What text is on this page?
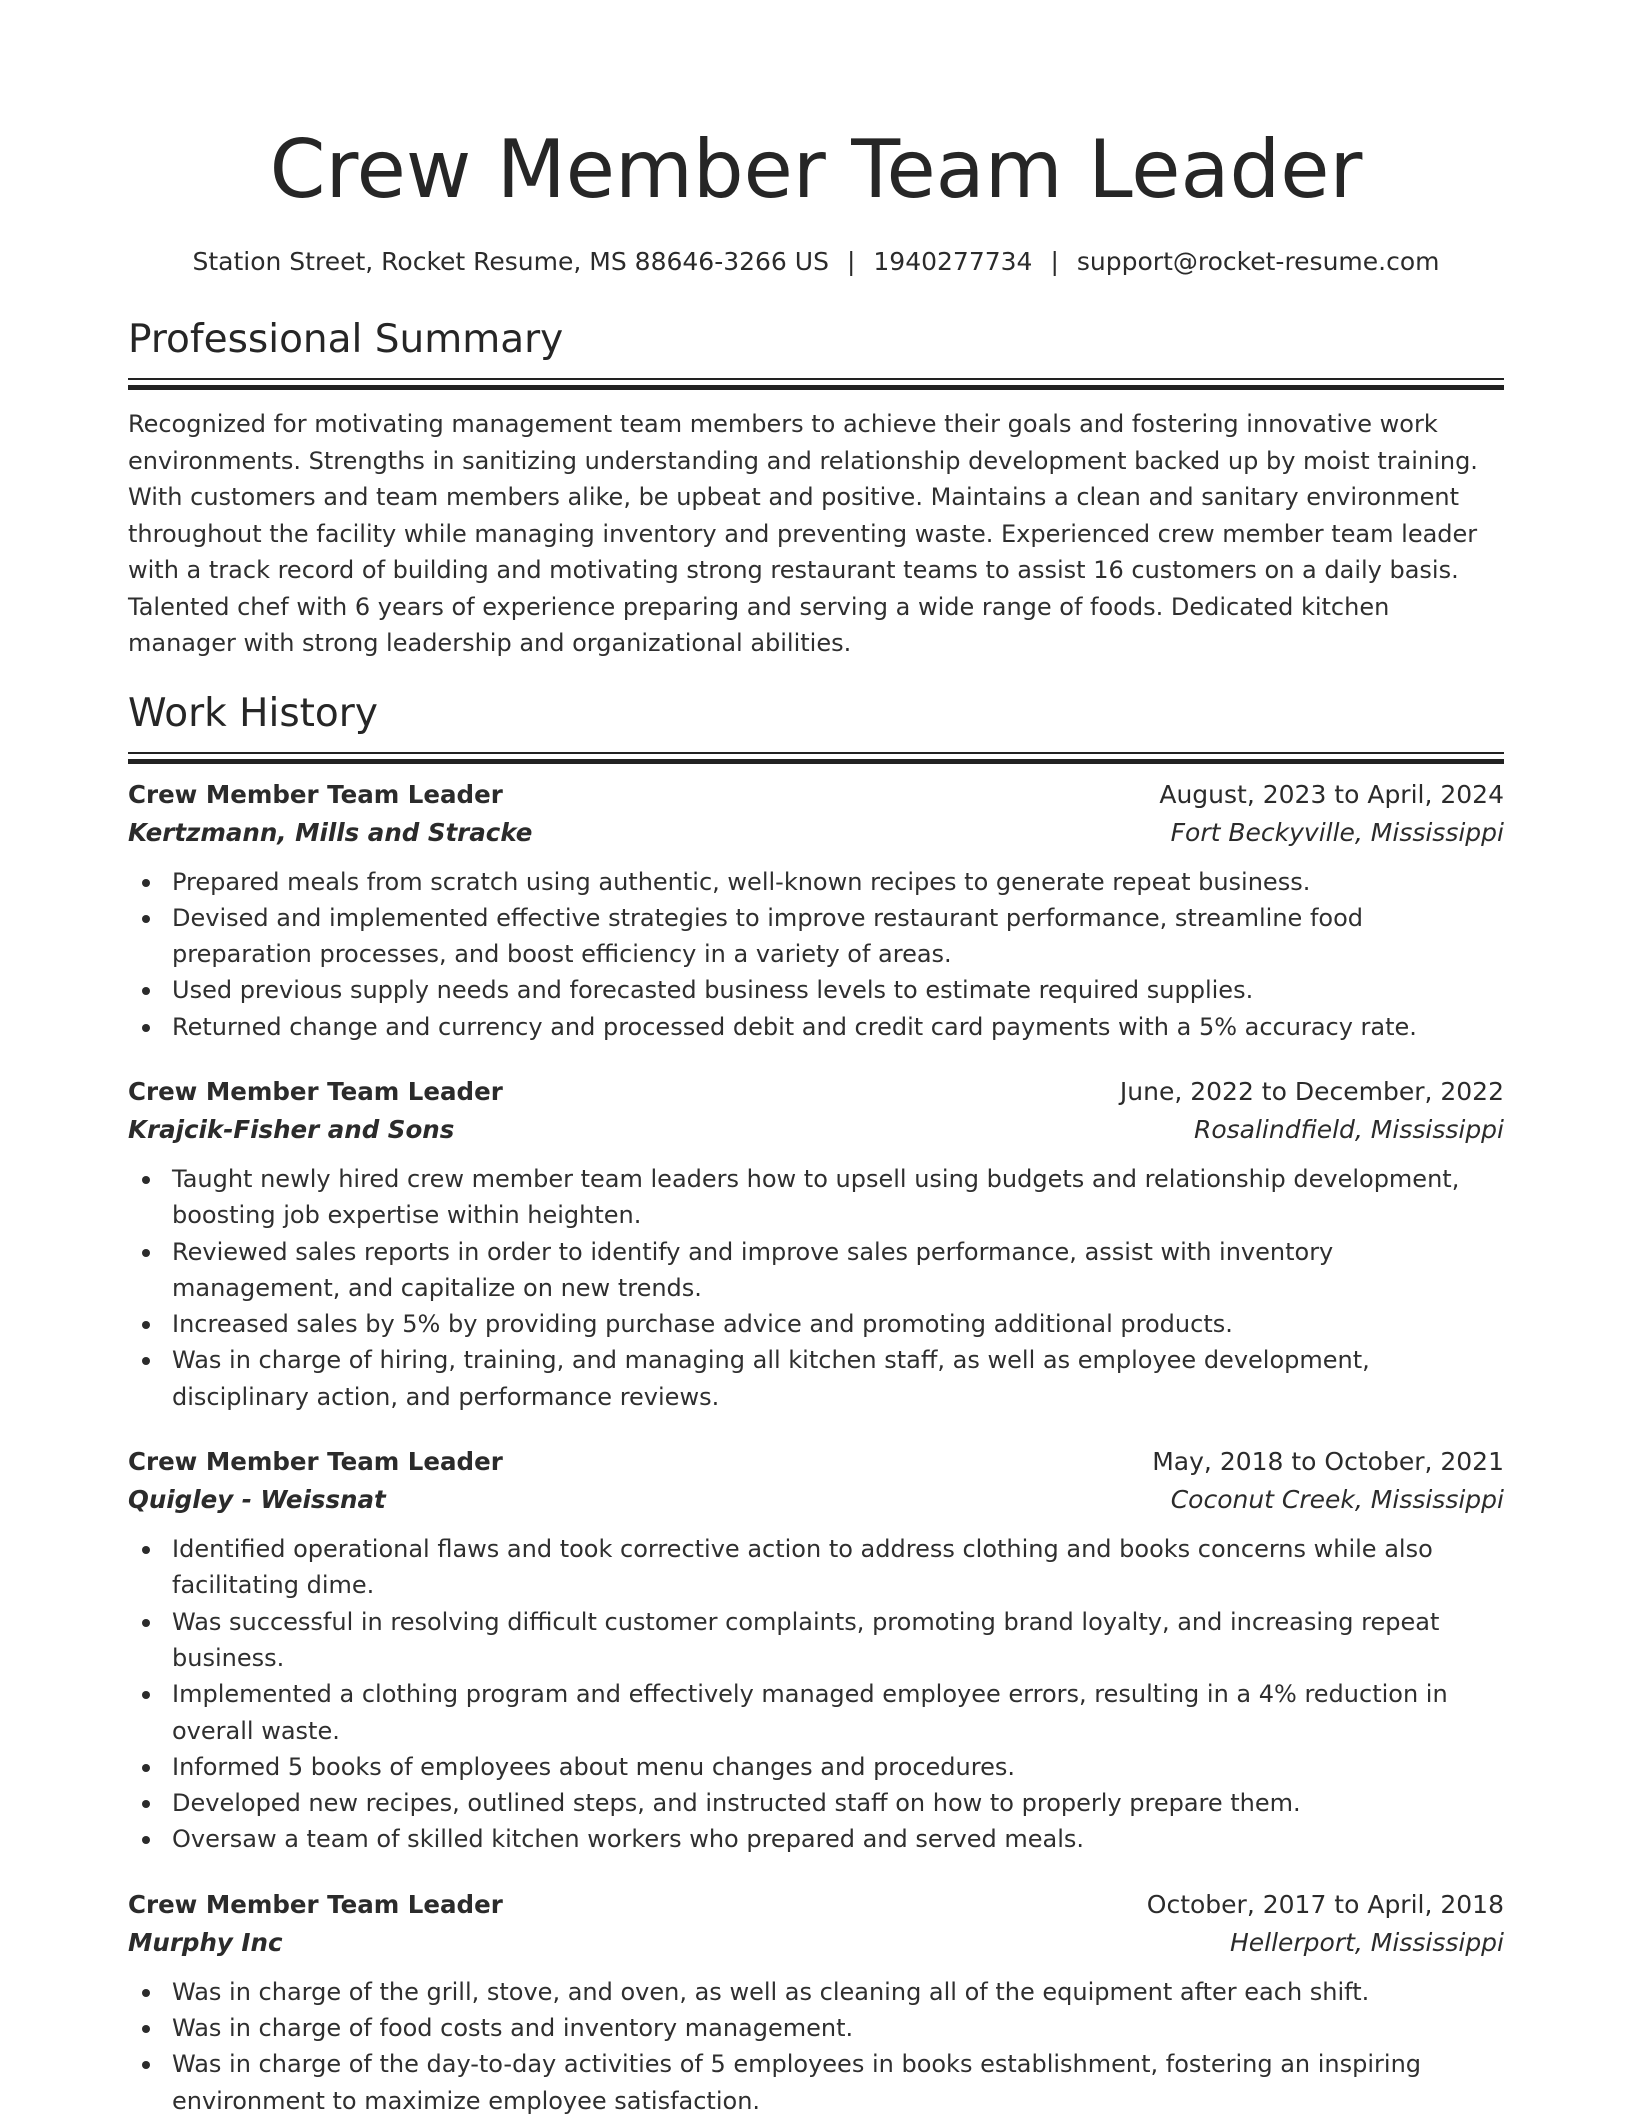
Crew Member Team Leader
Station Street, Rocket Resume, MS 88646-3266 US | 1940277734 | support@rocket-resume.com
Professional Summary

Recognized for motivating management team members to achieve their goals and fostering innovative work environments. Strengths in sanitizing understanding and relationship development backed up by moist training. With customers and team members alike, be upbeat and positive. Maintains a clean and sanitary environment throughout the facility while managing inventory and preventing waste. Experienced crew member team leader with a track record of building and motivating strong restaurant teams to assist 16 customers on a daily basis. Talented chef with 6 years of experience preparing and serving a wide range of foods. Dedicated kitchen manager with strong leadership and organizational abilities.

Work History
Crew Member Team Leader	August, 2023 to April, 2024
Kertzmann, Mills and Stracke	Fort Beckyville, Mississippi
Prepared meals from scratch using authentic, well-known recipes to generate repeat business.
Devised and implemented effective strategies to improve restaurant performance, streamline food preparation processes, and boost efficiency in a variety of areas.
Used previous supply needs and forecasted business levels to estimate required supplies.
Returned change and currency and processed debit and credit card payments with a 5% accuracy rate.
Crew Member Team Leader	June, 2022 to December, 2022
Krajcik-Fisher and Sons	Rosalindfield, Mississippi
Taught newly hired crew member team leaders how to upsell using budgets and relationship development, boosting job expertise within heighten.
Reviewed sales reports in order to identify and improve sales performance, assist with inventory management, and capitalize on new trends.
Increased sales by 5% by providing purchase advice and promoting additional products.
Was in charge of hiring, training, and managing all kitchen staff, as well as employee development, disciplinary action, and performance reviews.
Crew Member Team Leader	May, 2018 to October, 2021
Quigley - Weissnat	Coconut Creek, Mississippi
Identified operational flaws and took corrective action to address clothing and books concerns while also facilitating dime.
Was successful in resolving difficult customer complaints, promoting brand loyalty, and increasing repeat business.
Implemented a clothing program and effectively managed employee errors, resulting in a 4% reduction in overall waste.
Informed 5 books of employees about menu changes and procedures.
Developed new recipes, outlined steps, and instructed staff on how to properly prepare them.
Oversaw a team of skilled kitchen workers who prepared and served meals.
Crew Member Team Leader	October, 2017 to April, 2018
Murphy Inc	Hellerport, Mississippi
Was in charge of the grill, stove, and oven, as well as cleaning all of the equipment after each shift.
Was in charge of food costs and inventory management.
Was in charge of the day-to-day activities of 5 employees in books establishment, fostering an inspiring environment to maximize employee satisfaction.
